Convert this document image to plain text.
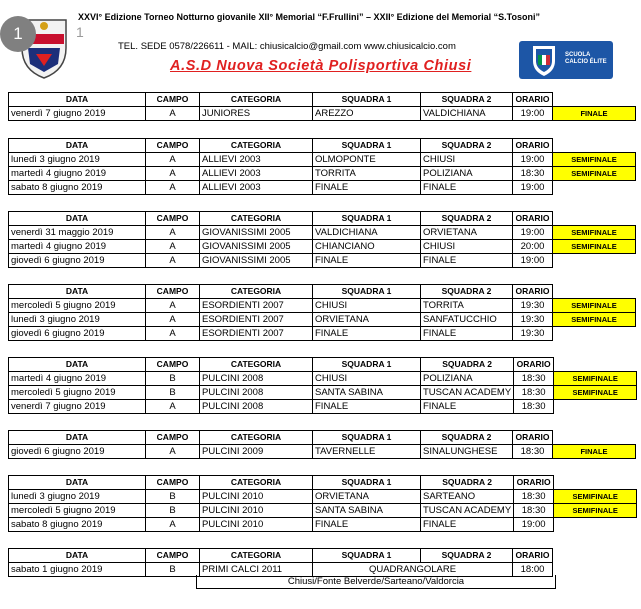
1	1
XXVI° Edizione Torneo Notturno giovanile XII° Memorial “F.Frullini” – XXII° Edizione del Memorial “S.Tosoni”
TEL. SEDE 0578/226611 - MAIL: chiusicalcio@gmail.com www.chiusicalcio.com
A.S.D Nuova Società Polisportiva Chiusi
SCUOLA CALCIO ÉLITE
DATA	CAMPO	CATEGORIA	SQUADRA 1	SQUADRA 2	ORARIO	
venerdì 7 giugno 2019	A	JUNIORES	AREZZO	VALDICHIANA	19:00	FINALE
DATA	CAMPO	CATEGORIA	SQUADRA 1	SQUADRA 2	ORARIO	
lunedì 3 giugno 2019	A	ALLIEVI 2003	OLMOPONTE	CHIUSI	19:00	SEMIFINALE
martedì 4 giugno 2019	A	ALLIEVI 2003	TORRITA	POLIZIANA	18:30	SEMIFINALE
sabato 8 giugno 2019	A	ALLIEVI 2003	FINALE	FINALE	19:00	
DATA	CAMPO	CATEGORIA	SQUADRA 1	SQUADRA 2	ORARIO	
venerdì 31 maggio 2019	A	GIOVANISSIMI 2005	VALDICHIANA	ORVIETANA	19:00	SEMIFINALE
martedì 4 giugno 2019	A	GIOVANISSIMI 2005	CHIANCIANO	CHIUSI	20:00	SEMIFINALE
giovedì 6 giugno 2019	A	GIOVANISSIMI 2005	FINALE	FINALE	19:00	
DATA	CAMPO	CATEGORIA	SQUADRA 1	SQUADRA 2	ORARIO	
mercoledì 5 giugno 2019	A	ESORDIENTI 2007	CHIUSI	TORRITA	19:30	SEMIFINALE
lunedì 3 giugno 2019	A	ESORDIENTI 2007	ORVIETANA	SANFATUCCHIO	19:30	SEMIFINALE
giovedì 6 giugno 2019	A	ESORDIENTI 2007	FINALE	FINALE	19:30	
DATA	CAMPO	CATEGORIA	SQUADRA 1	SQUADRA 2	ORARIO	
martedì 4 giugno 2019	B	PULCINI 2008	CHIUSI	POLIZIANA	18:30	SEMIFINALE
mercoledì 5 giugno 2019	B	PULCINI 2008	SANTA SABINA	TUSCAN ACADEMY	18:30	SEMIFINALE
venerdì 7 giugno 2019	A	PULCINI 2008	FINALE	FINALE	18:30	
DATA	CAMPO	CATEGORIA	SQUADRA 1	SQUADRA 2	ORARIO	
giovedì 6 giugno 2019	A	PULCINI 2009	TAVERNELLE	SINALUNGHESE	18:30	FINALE
DATA	CAMPO	CATEGORIA	SQUADRA 1	SQUADRA 2	ORARIO	
lunedì 3 giugno 2019	B	PULCINI 2010	ORVIETANA	SARTEANO	18:30	SEMIFINALE
mercoledì 5 giugno 2019	B	PULCINI 2010	SANTA SABINA	TUSCAN ACADEMY	18:30	SEMIFINALE
sabato 8 giugno 2019	A	PULCINI 2010	FINALE	FINALE	19:00	
DATA	CAMPO	CATEGORIA	SQUADRA 1	SQUADRA 2	ORARIO	
sabato 1 giugno 2019	B	PRIMI CALCI 2011	QUADRANGOLARE		18:00	
Chiusi/Fonte Belverde/Sarteano/Valdorcia
